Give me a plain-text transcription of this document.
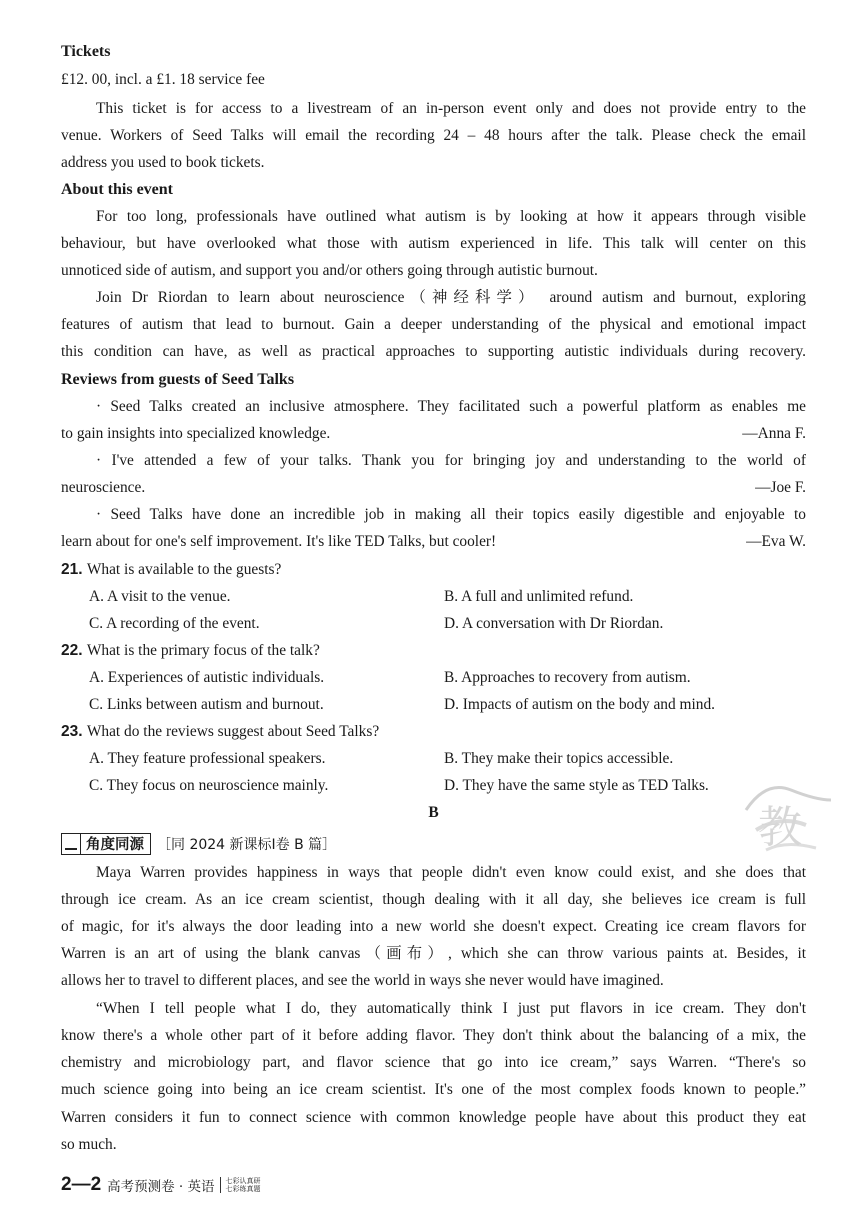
Tickets
£12. 00, incl. a £1. 18 service fee
This ticket is for access to a livestream of an in-person event only and does not provide entry to the
venue. Workers of Seed Talks will email the recording 24 – 48 hours after the talk. Please check the email
address you used to book tickets.
About this event
For too long, professionals have outlined what autism is by looking at how it appears through visible
behaviour, but have overlooked what those with autism experienced in life. This talk will center on this
unnoticed side of autism, and support you and/or others going through autistic burnout.
Join Dr Riordan to learn about neuroscience（神经科学） around autism and burnout, exploring
features of autism that lead to burnout. Gain a deeper understanding of the physical and emotional impact
this condition can have, as well as practical approaches to supporting autistic individuals during recovery.
Reviews from guests of Seed Talks
· Seed Talks created an inclusive atmosphere. They facilitated such a powerful platform as enables me
to gain insights into specialized knowledge.	—Anna F.
· I've attended a few of your talks. Thank you for bringing joy and understanding to the world of
neuroscience.	—Joe F.
· Seed Talks have done an incredible job in making all their topics easily digestible and enjoyable to
learn about for one's self improvement. It's like TED Talks, but cooler!	—Eva W.
21. What is available to the guests?
A. A visit to the venue.	B. A full and unlimited refund.
C. A recording of the event.	D. A conversation with Dr Riordan.
22. What is the primary focus of the talk?
A. Experiences of autistic individuals.	B. Approaches to recovery from autism.
C. Links between autism and burnout.	D. Impacts of autism on the body and mind.
23. What do the reviews suggest about Seed Talks?
A. They feature professional speakers.	B. They make their topics accessible.
C. They focus on neuroscience mainly.	D. They have the same style as TED Talks.
教
B
角度同源 ［同 2024 新课标Ⅰ卷 B 篇］
Maya Warren provides happiness in ways that people didn't even know could exist, and she does that
through ice cream. As an ice cream scientist, though dealing with it all day, she believes ice cream is full
of magic, for it's always the door leading into a new world she doesn't expect. Creating ice cream flavors for
Warren is an art of using the blank canvas（画布）, which she can throw various paints at. Besides, it
allows her to travel to different places, and see the world in ways she never would have imagined.
“When I tell people what I do, they automatically think I just put flavors in ice cream. They don't
know there's a whole other part of it before adding flavor. They don't think about the balancing of a mix, the
chemistry and microbiology part, and flavor science that go into ice cream,” says Warren. “There's so
much science going into being an ice cream scientist. It's one of the most complex foods known to people.”
Warren considers it fun to connect science with common knowledge people have about this product they eat
so much.
2—2 高考预测卷 · 英语 七彩认真研
七彩练真题
